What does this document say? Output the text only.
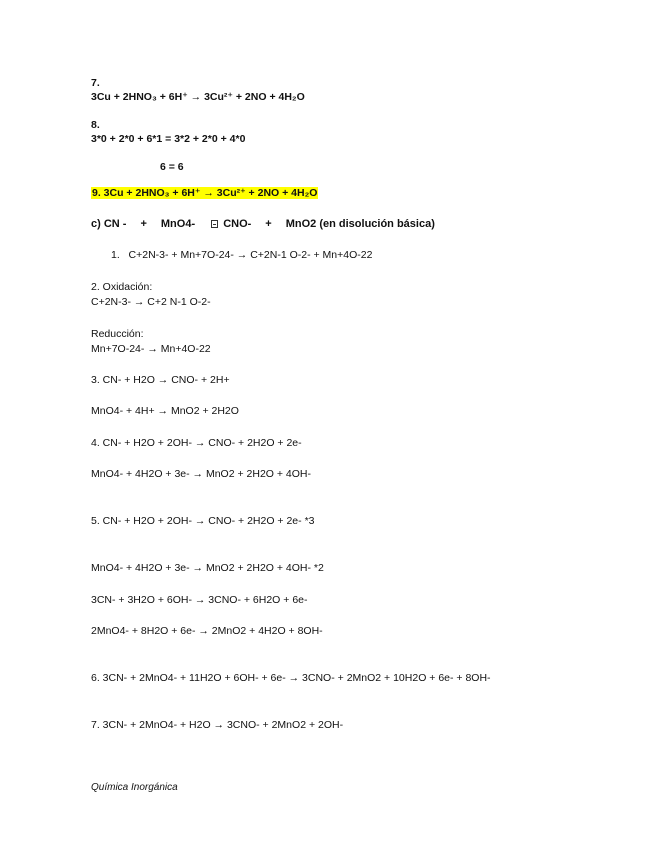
7.
3Cu + 2HNO₃ + 6H⁺ → 3Cu²⁺ + 2NO + 4H₂O
8.
3*0 + 2*0 + 6*1 = 3*2 + 2*0 + 4*0
6 = 6
9. 3Cu + 2HNO₃ + 6H⁺ → 3Cu²⁺ + 2NO + 4H₂O
c) CN - + MnO4-	CNO- + MnO2 (en disolución básica)
1. C+2N-3- + Mn+7O-24- → C+2N-1 O-2- + Mn+4O-22
2. Oxidación:
C+2N-3- → C+2 N-1 O-2-
Reducción:
Mn+7O-24- → Mn+4O-22
3. CN- + H2O → CNO- + 2H+
MnO4- + 4H+ → MnO2 + 2H2O
4. CN- + H2O + 2OH- → CNO- + 2H2O + 2e-
MnO4- + 4H2O + 3e- → MnO2 + 2H2O + 4OH-
5. CN- + H2O + 2OH- → CNO- + 2H2O + 2e- *3
MnO4- + 4H2O + 3e- → MnO2 + 2H2O + 4OH- *2
3CN- + 3H2O + 6OH- → 3CNO- + 6H2O + 6e-
2MnO4- + 8H2O + 6e- → 2MnO2 + 4H2O + 8OH-
6. 3CN- + 2MnO4- + 11H2O + 6OH- + 6e- → 3CNO- + 2MnO2 + 10H2O + 6e- + 8OH-
7. 3CN- + 2MnO4- + H2O → 3CNO- + 2MnO2 + 2OH-
Química Inorgánica
